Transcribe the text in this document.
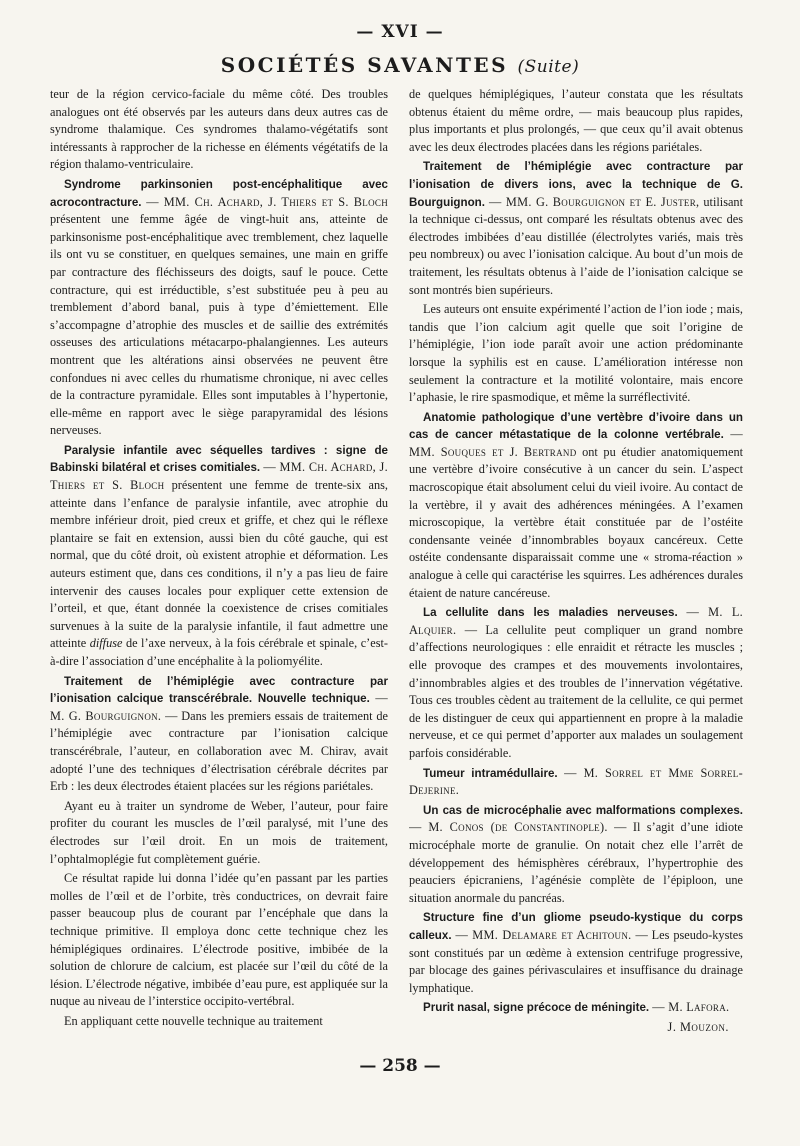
— XVI —
SOCIÉTÉS SAVANTES (Suite)

teur de la région cervico-faciale du même côté. Des troubles analogues ont été observés par les auteurs dans deux autres cas de syndrome thalamique. Ces syndromes thalamo-végétatifs sont intéressants à rapprocher de la richesse en éléments végétatifs de la région thalamo-ventriculaire.

Syndrome parkinsonien post-encéphalitique avec acrocontracture. — MM. Ch. Achard, J. Thiers et S. Bloch présentent une femme âgée de vingt-huit ans, atteinte de parkinsonisme post-encéphalitique avec tremblement, chez laquelle ils ont vu se constituer, en quelques semaines, une main en griffe par contracture des fléchisseurs des doigts, sauf le pouce. Cette contracture, qui est irréductible, s’est substituée peu à peu au tremblement d’abord banal, puis à type d’émiettement. Elle s’accompagne d’atrophie des muscles et de saillie des extrémités osseuses des articulations métacarpo-phalangiennes. Les auteurs montrent que les altérations ainsi observées ne peuvent être confondues ni avec celles du rhumatisme chronique, ni avec celles de la contracture pyramidale. Elles sont imputables à l’hypertonie, elle-même en rapport avec le siège parapyramidal des lésions nerveuses.

Paralysie infantile avec séquelles tardives : signe de Babinski bilatéral et crises comitiales. — MM. Ch. Achard, J. Thiers et S. Bloch présentent une femme de trente-six ans, atteinte dans l’enfance de paralysie infantile, avec atrophie du membre inférieur droit, pied creux et griffe, et chez qui le réflexe plantaire se fait en extension, aussi bien du côté gauche, qui est normal, que du côté droit, où existent atrophie et déformation. Les auteurs estiment que, dans ces conditions, il n’y a pas lieu de faire intervenir des causes locales pour expliquer cette extension de l’orteil, et que, étant donnée la coexistence de crises comitiales survenues à la suite de la paralysie infantile, il faut admettre une atteinte diffuse de l’axe nerveux, à la fois cérébrale et spinale, c’est-à-dire l’association d’une encéphalite à la poliomyélite.

Traitement de l’hémiplégie avec contracture par l’ionisation calcique transcérébrale. Nouvelle technique. — M. G. Bourguignon. — Dans les premiers essais de traitement de l’hémiplégie avec contracture par l’ionisation calcique transcérébrale, l’auteur, en collaboration avec M. Chirav, avait adopté l’une des techniques d’électrisation cérébrale décrites par Erb : les deux électrodes étaient placées sur les régions pariétales.

Ayant eu à traiter un syndrome de Weber, l’auteur, pour faire profiter du courant les muscles de l’œil paralysé, mit l’une des électrodes sur l’œil droit. En un mois de traitement, l’ophtalmoplégie fut complètement guérie.

Ce résultat rapide lui donna l’idée qu’en passant par les parties molles de l’œil et de l’orbite, très conductrices, on devrait faire passer beaucoup plus de courant par l’encéphale que dans la technique primitive. Il employa donc cette technique chez les hémiplégiques ordinaires. L’électrode positive, imbibée de la solution de chlorure de calcium, est placée sur l’œil du côté de la lésion. L’électrode négative, imbibée d’eau pure, est appliquée sur la nuque au niveau de l’interstice occipito-vertébral.

En appliquant cette nouvelle technique au traitement

de quelques hémiplégiques, l’auteur constata que les résultats obtenus étaient du même ordre, — mais beaucoup plus rapides, plus importants et plus prolongés, — que ceux qu’il avait obtenus avec les deux électrodes placées dans les régions pariétales.

Traitement de l’hémiplégie avec contracture par l’ionisation de divers ions, avec la technique de G. Bourguignon. — MM. G. Bourguignon et E. Juster, utilisant la technique ci-dessus, ont comparé les résultats obtenus avec des électrodes imbibées d’eau distillée (électrolytes variés, mais très peu nombreux) ou avec l’ionisation calcique. Au bout d’un mois de traitement, les résultats obtenus à l’aide de l’ionisation calcique se sont montrés bien supérieurs.

Les auteurs ont ensuite expérimenté l’action de l’ion iode ; mais, tandis que l’ion calcium agit quelle que soit l’origine de l’hémiplégie, l’ion iode paraît avoir une action prédominante lorsque la syphilis est en cause. L’amélioration intéresse non seulement la contracture et la motilité volontaire, mais encore l’aphasie, le rire spasmodique, et même la surréflectivité.

Anatomie pathologique d’une vertèbre d’ivoire dans un cas de cancer métastatique de la colonne vertébrale. — MM. Souques et J. Bertrand ont pu étudier anatomiquement une vertèbre d’ivoire consécutive à un cancer du sein. L’aspect macroscopique était absolument celui du vieil ivoire. Au contact de la vertèbre, il y avait des adhérences méningées. A l’examen microscopique, la vertèbre était constituée par de l’ostéite condensante veinée d’innombrables boyaux cancéreux. Cette ostéite condensante disparaissait comme une « stroma-réaction » analogue à celle qui caractérise les squirres. Les adhérences durales étaient de nature cancéreuse.

La cellulite dans les maladies nerveuses. — M. L. Alquier. — La cellulite peut compliquer un grand nombre d’affections neurologiques : elle enraidit et rétracte les muscles ; elle provoque des crampes et des mouvements involontaires, d’innombrables algies et des troubles de l’innervation végétative. Tous ces troubles cèdent au traitement de la cellulite, ce qui permet de les distinguer de ceux qui appartiennent en propre à la maladie nerveuse, et ce qui permet d’apporter aux malades un soulagement parfois considérable.

Tumeur intramédullaire. — M. Sorrel et Mme Sorrel-Dejerine.

Un cas de microcéphalie avec malformations complexes. — M. Conos (de Constantinople). — Il s’agit d’une idiote microcéphale morte de granulie. On notait chez elle l’arrêt de développement des hémisphères cérébraux, l’hypertrophie des peauciers épicraniens, l’agénésie complète de l’épiploon, une situation anormale du pancréas.

Structure fine d’un gliome pseudo-kystique du corps calleux. — MM. Delamare et Achitoun. — Les pseudo-kystes sont constitués par un œdème à extension centrifuge progressive, par blocage des gaines périvasculaires et insuffisance du drainage lymphatique.

Prurit nasal, signe précoce de méningite. — M. Lafora.

J. Mouzon.

— 258 —
